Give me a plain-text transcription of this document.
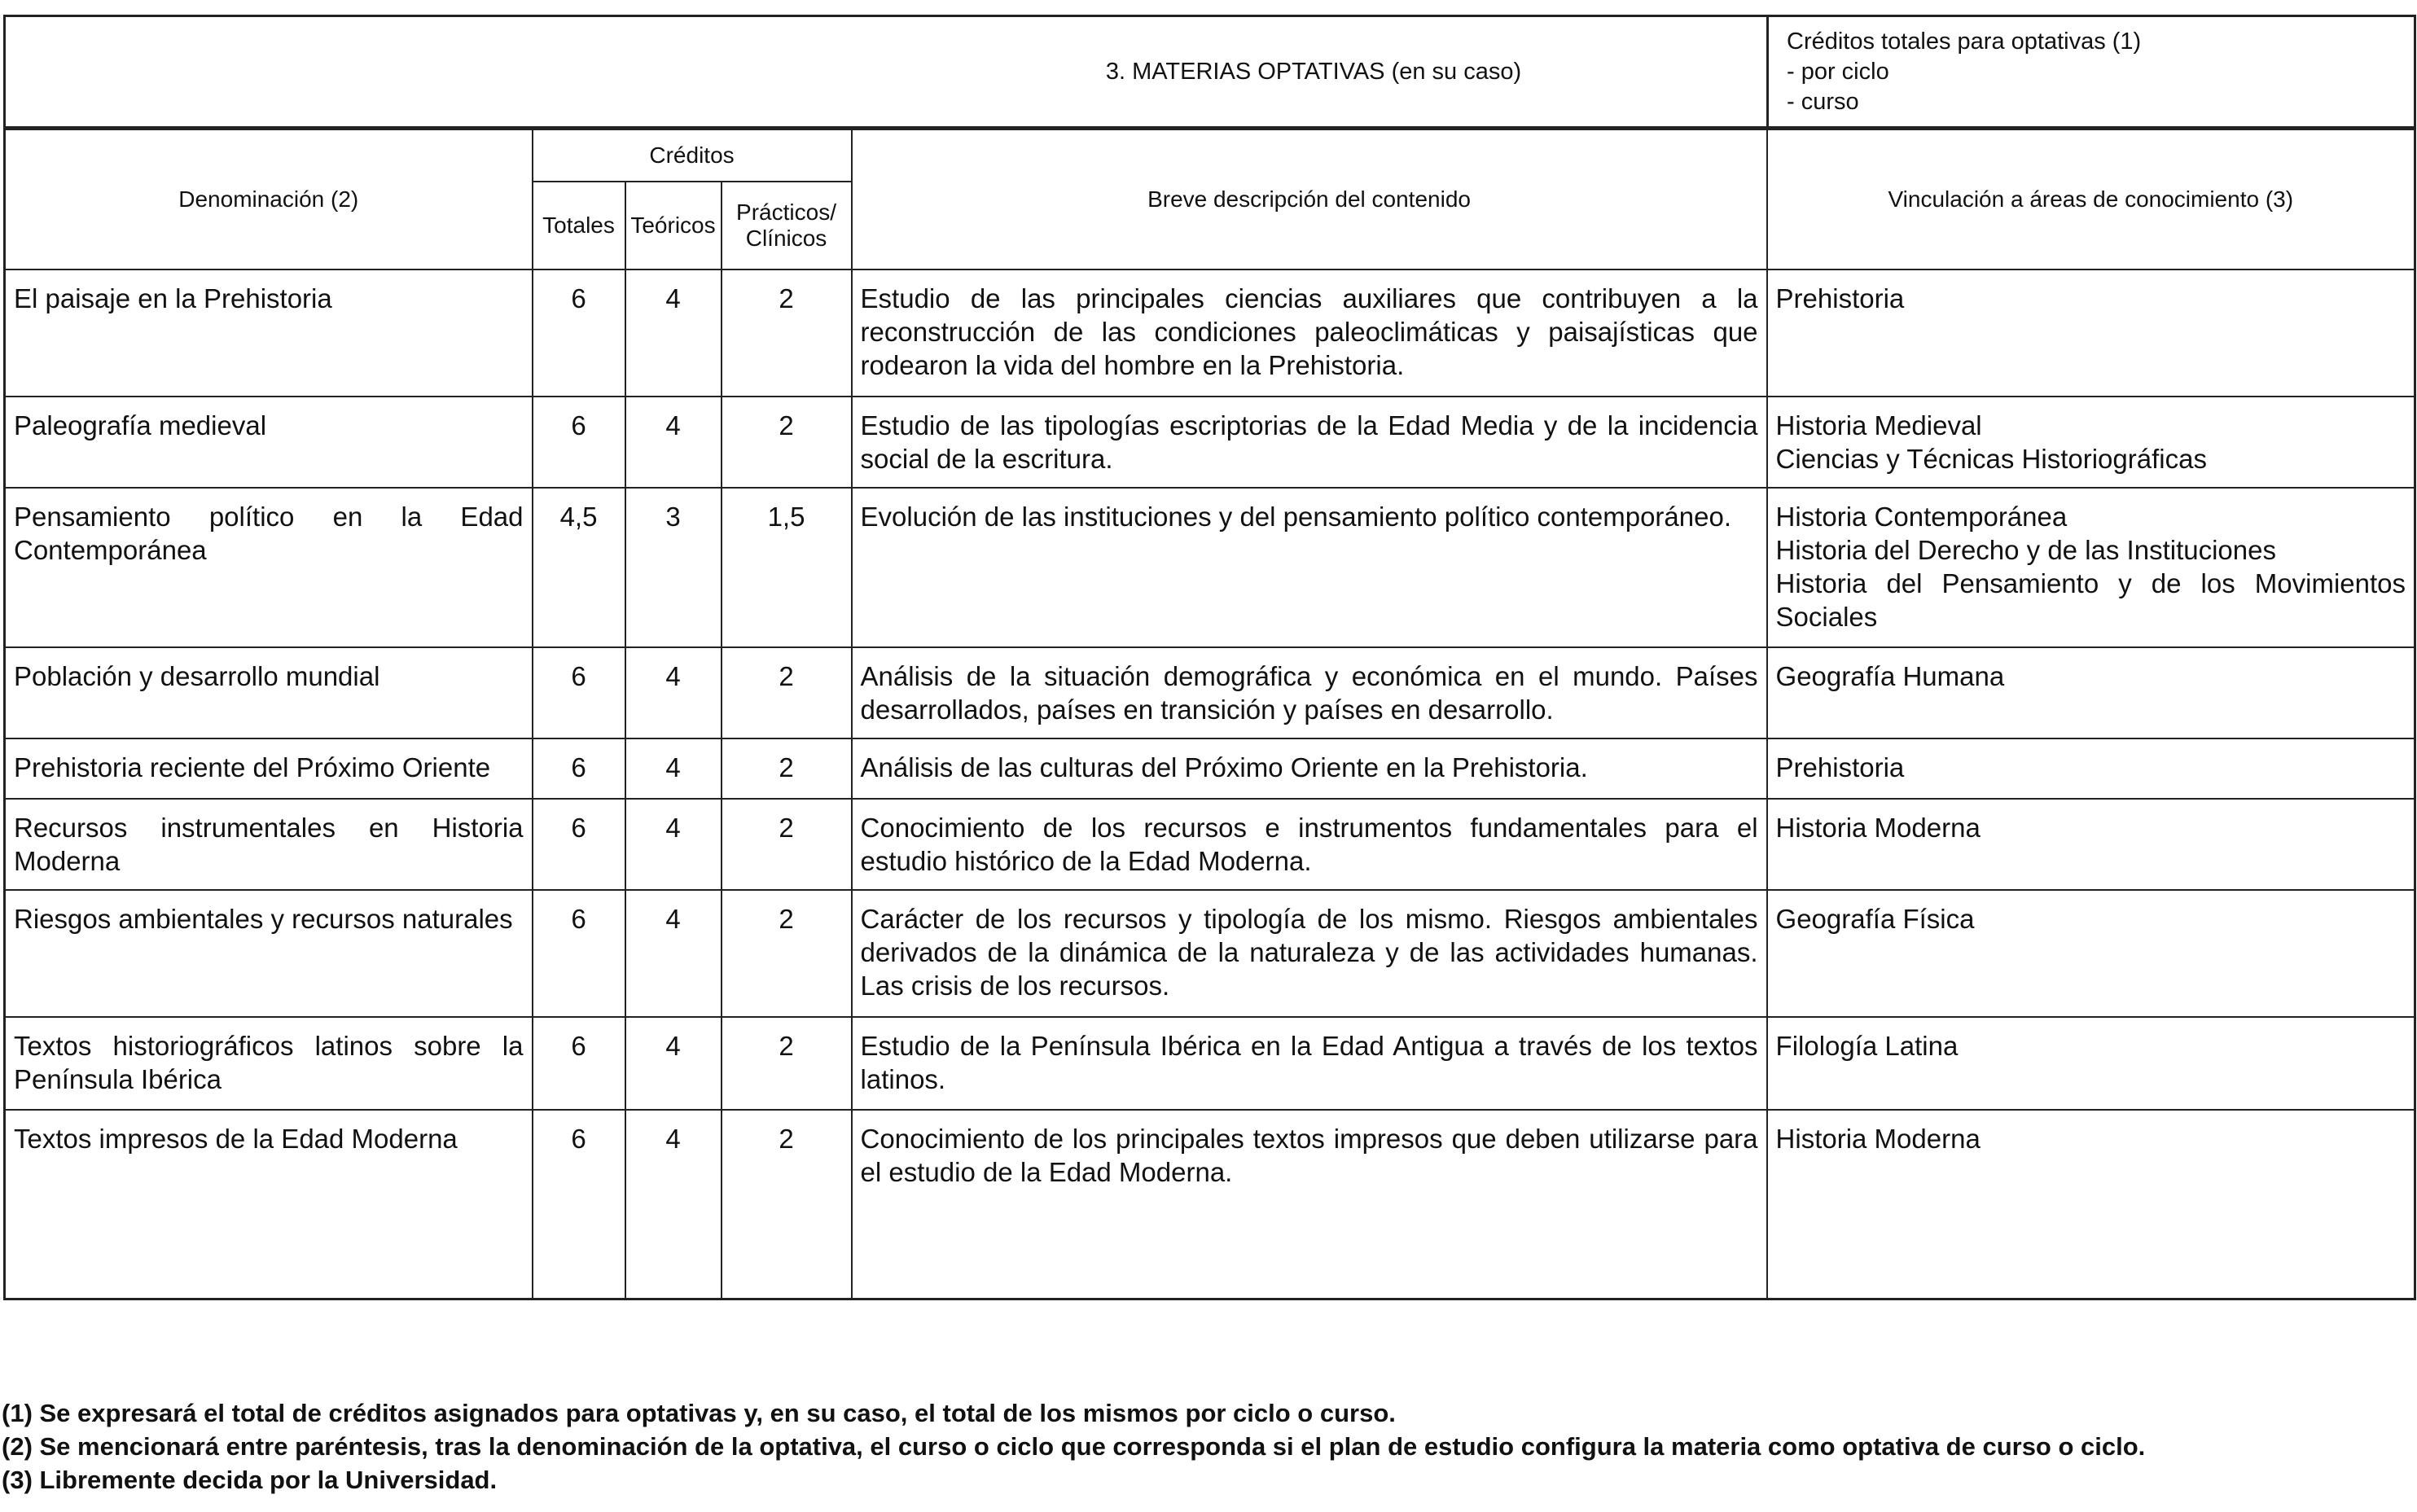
3. MATERIAS OPTATIVAS (en su caso)	
Créditos totales para optativas (1)
- por ciclo
- curso
Denominación (2)	Créditos			Breve descripción del contenido	Vinculación a áreas de conocimiento (3)
	Totales	Teóricos	Prácticos/ Clínicos		
El paisaje en la Prehistoria	6	4	2	Estudio de las principales ciencias auxiliares que contribuyen a la reconstrucción de las condiciones paleoclimáticas y paisajísticas que rodearon la vida del hombre en la Prehistoria.	Prehistoria

Paleografía medieval	6	4	2	Estudio de las tipologías escriptorias de la Edad Media y de la incidencia social de la escritura.	Historia Medieval
Ciencias y Técnicas Historiográficas

Pensamiento político en la Edad Contemporánea	4,5	3	1,5	Evolución de las instituciones y del pensamiento político contemporáneo.	Historia Contemporánea
Historia del Derecho y de las Instituciones
Historia del Pensamiento y de los Movimientos Sociales

Población y desarrollo mundial	6	4	2	Análisis de la situación demográfica y económica en el mundo. Países desarrollados, países en transición y países en desarrollo.	Geografía Humana

Prehistoria reciente del Próximo Oriente	6	4	2	Análisis de las culturas del Próximo Oriente en la Prehistoria.	Prehistoria

Recursos instrumentales en Historia Moderna	6	4	2	Conocimiento de los recursos e instrumentos fundamentales para el estudio histórico de la Edad Moderna.	Historia Moderna

Riesgos ambientales y recursos naturales	6	4	2	Carácter de los recursos y tipología de los mismo. Riesgos ambientales derivados de la dinámica de la naturaleza y de las actividades humanas. Las crisis de los recursos.	Geografía Física

Textos historiográficos latinos sobre la Península Ibérica	6	4	2	Estudio de la Península Ibérica en la Edad Antigua a través de los textos latinos.	Filología Latina

Textos impresos de la Edad Moderna	6	4	2	Conocimiento de los principales textos impresos que deben utilizarse para el estudio de la Edad Moderna.	Historia Moderna
(1) Se expresará el total de créditos asignados para optativas y, en su caso, el total de los mismos por ciclo o curso.
(2) Se mencionará entre paréntesis, tras la denominación de la optativa, el curso o ciclo que corresponda si el plan de estudio configura la materia como optativa de curso o ciclo.
(3) Libremente decida por la Universidad.
